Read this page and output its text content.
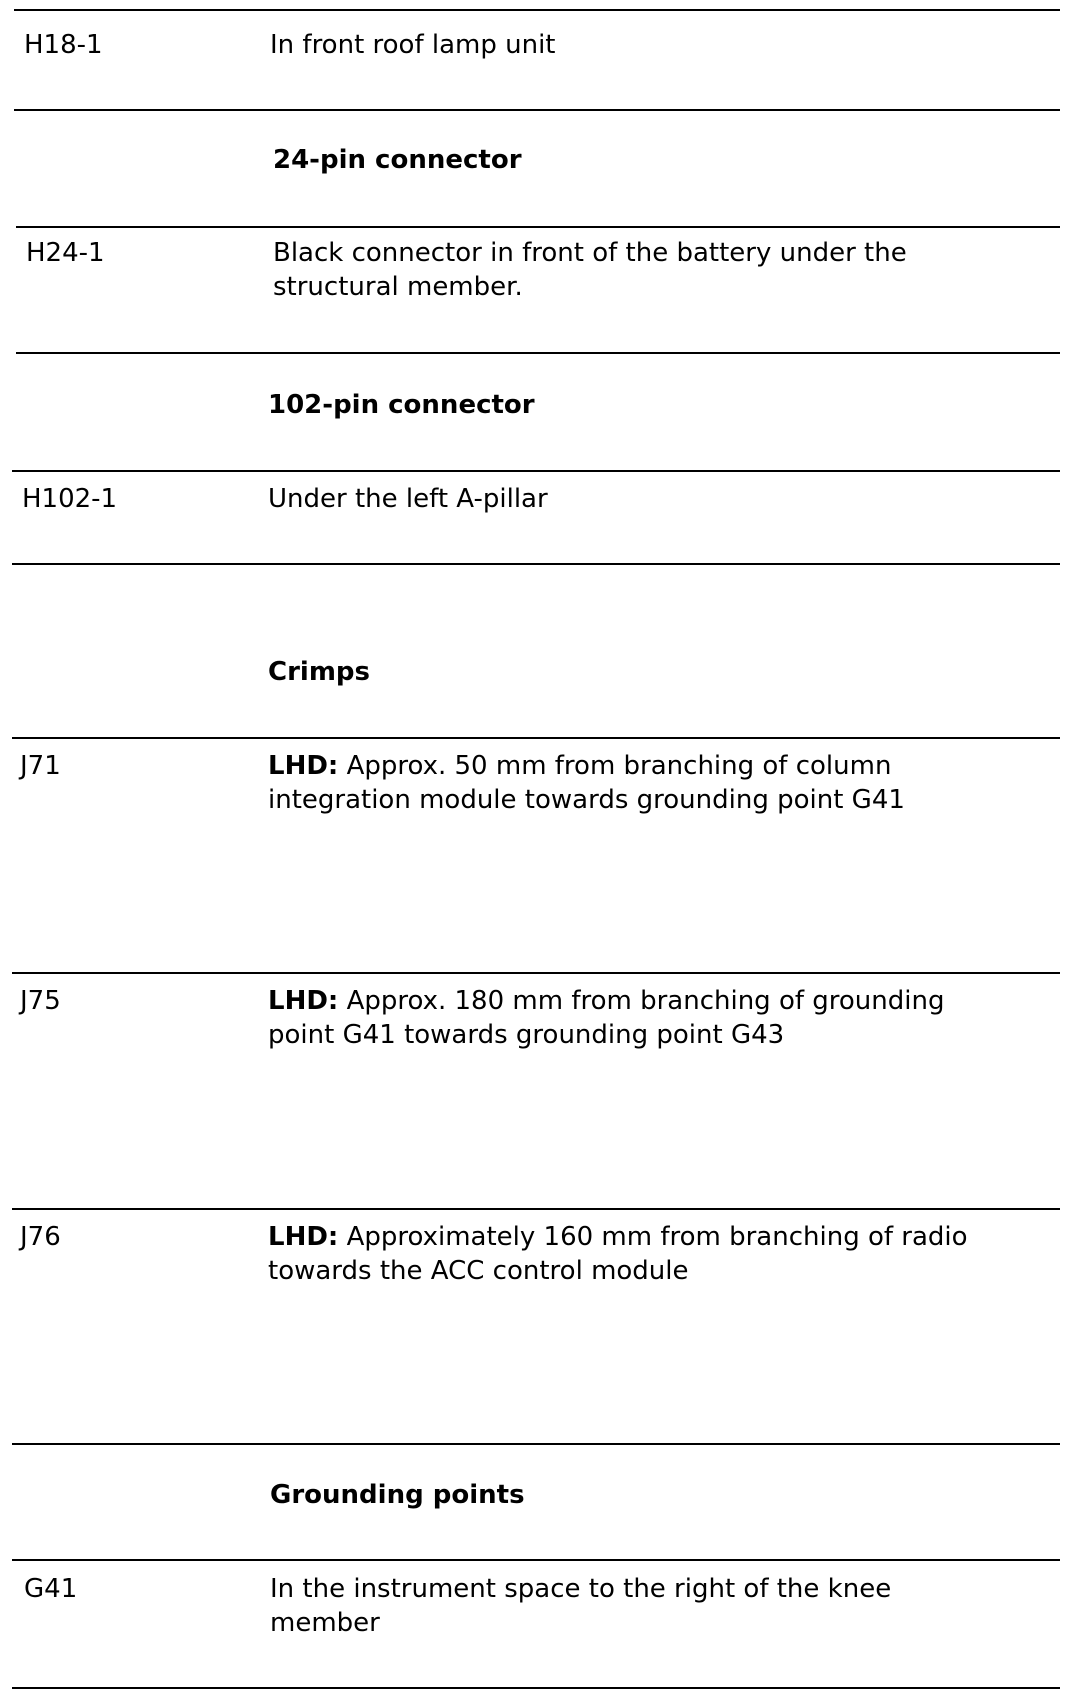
H18-1	In front roof lamp unit
24-pin connector
H24-1	Black connector in front of the battery under the
structural member.
102-pin connector
H102-1	Under the left A-pillar
Crimps
J71	LHD: Approx. 50 mm from branching of column
integration module towards grounding point G41
J75	LHD: Approx. 180 mm from branching of grounding
point G41 towards grounding point G43
J76	LHD: Approximately 160 mm from branching of radio
towards the ACC control module
Grounding points
G41	In the instrument space to the right of the knee
member
